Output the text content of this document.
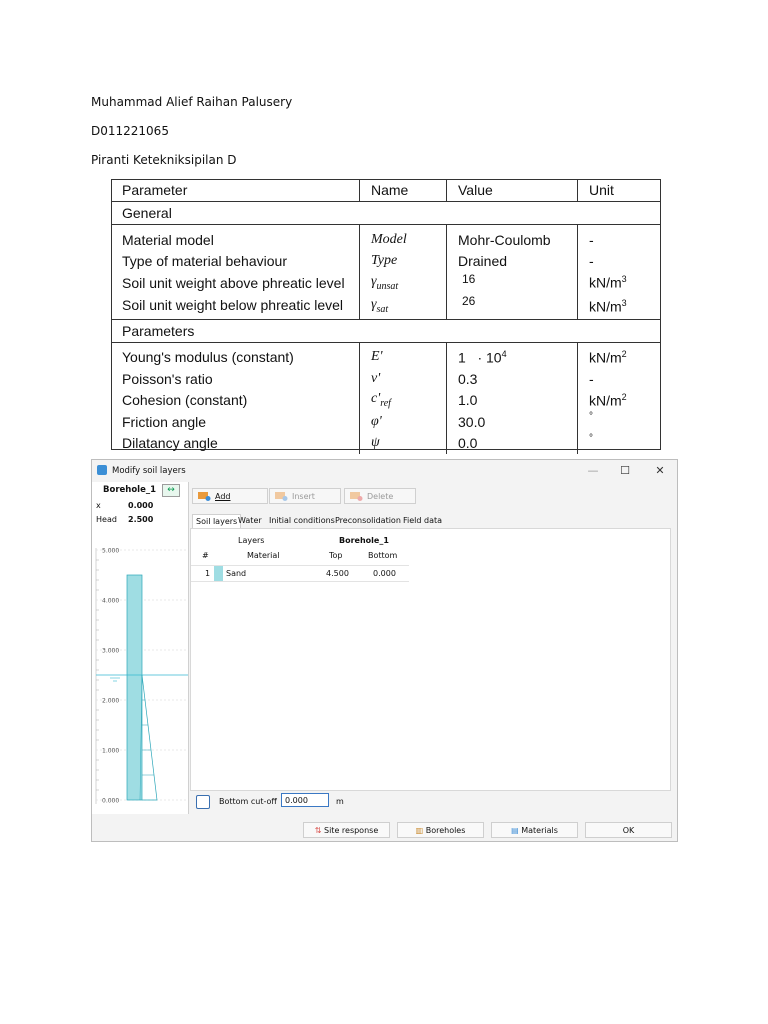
Muhammad Alief Raihan Palusery
D011221065
Piranti Ketekniksipilan D
Parameter	Name	Value	Unit
General			
Material model	Model	Mohr-Coulomb	-
Type of material behaviour	Type	Drained	-
Soil unit weight above phreatic level	$\gamma_{unsat}$	16	$kN/m^3$
Soil unit weight below phreatic level	$\gamma_{sat}$	26	$kN/m^3$
Parameters			
Young's modulus (constant)	E'	$1 \cdot 10^4$	$kN/m^2$
Poisson's ratio	ν'	0.3	-
Cohesion (constant)	$c'_{ref}$	1.0	$kN/m^2$
Friction angle	φ'	30.0	°
Dilatancy angle	ψ	0.0	°
Modify soil layers	—	☐	✕
Borehole_1	↔
x	0.000
Head 2.500
5.000
4.000
3.000
2.000
1.000
0.000
Add	Insert	Delete
Soil layers Water Initial conditions Preconsolidation Field data
Layers	Borehole_1
#	Material	Top	Bottom
1 Sand	4.500	0.000
Bottom cut-off	0.000	m
⇅ Site response	▥ Boreholes	▤ Materials	OK
